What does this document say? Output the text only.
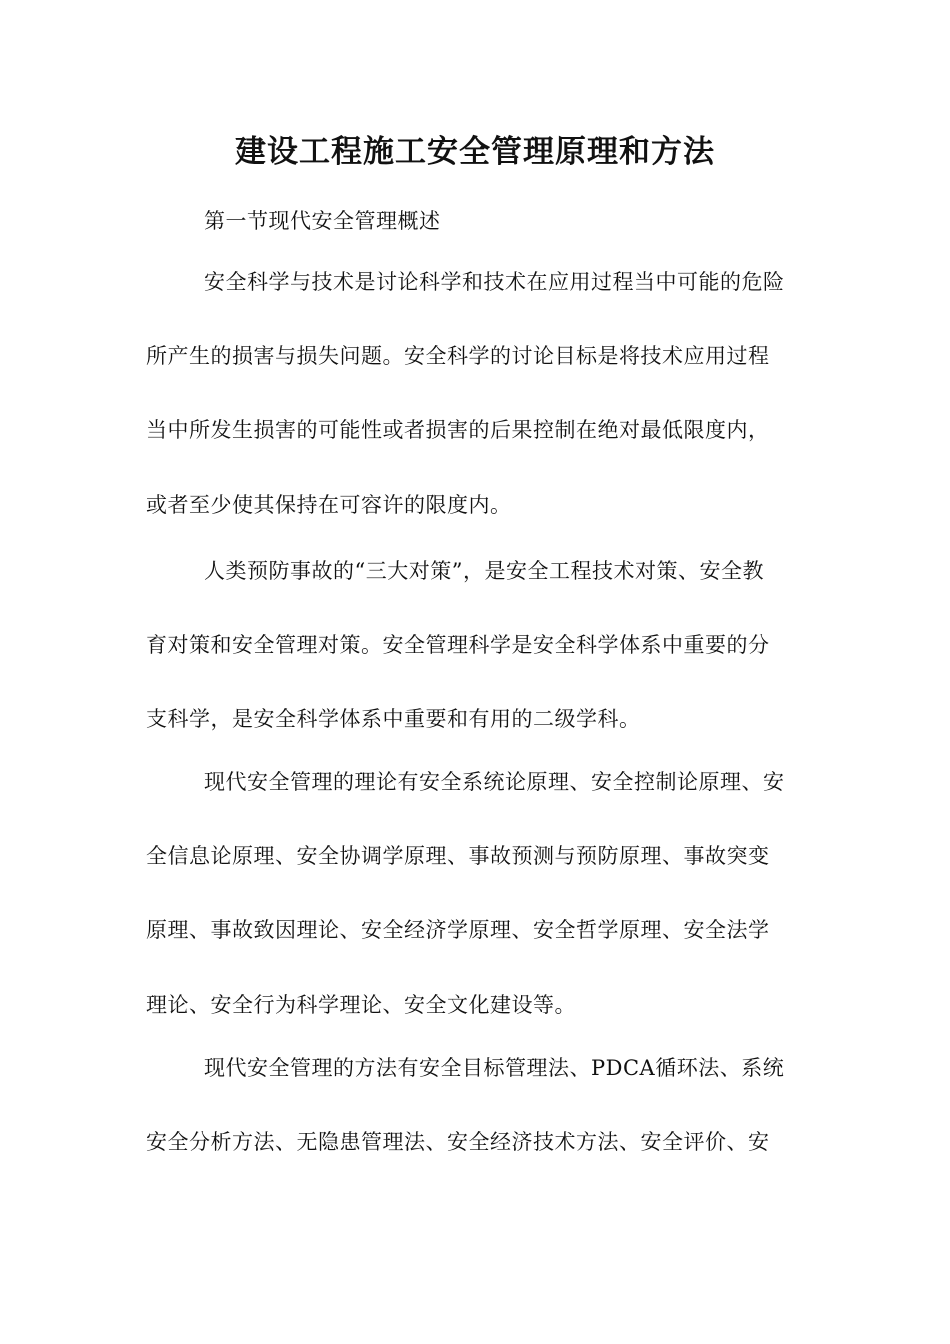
建设工程施工安全管理原理和方法
第一节现代安全管理概述
安全科学与技术是讨论科学和技术在应用过程当中可能的危险
所产生的损害与损失问题。安全科学的讨论目标是将技术应用过程
当中所发生损害的可能性或者损害的后果控制在绝对最低限度内，
或者至少使其保持在可容许的限度内。
人类预防事故的“三大对策”，是安全工程技术对策、安全教
育对策和安全管理对策。安全管理科学是安全科学体系中重要的分
支科学，是安全科学体系中重要和有用的二级学科。
现代安全管理的理论有安全系统论原理、安全控制论原理、安
全信息论原理、安全协调学原理、事故预测与预防原理、事故突变
原理、事故致因理论、安全经济学原理、安全哲学原理、安全法学
理论、安全行为科学理论、安全文化建设等。
现代安全管理的方法有安全目标管理法、PDCA循环法、系统
安全分析方法、无隐患管理法、安全经济技术方法、安全评价、安
